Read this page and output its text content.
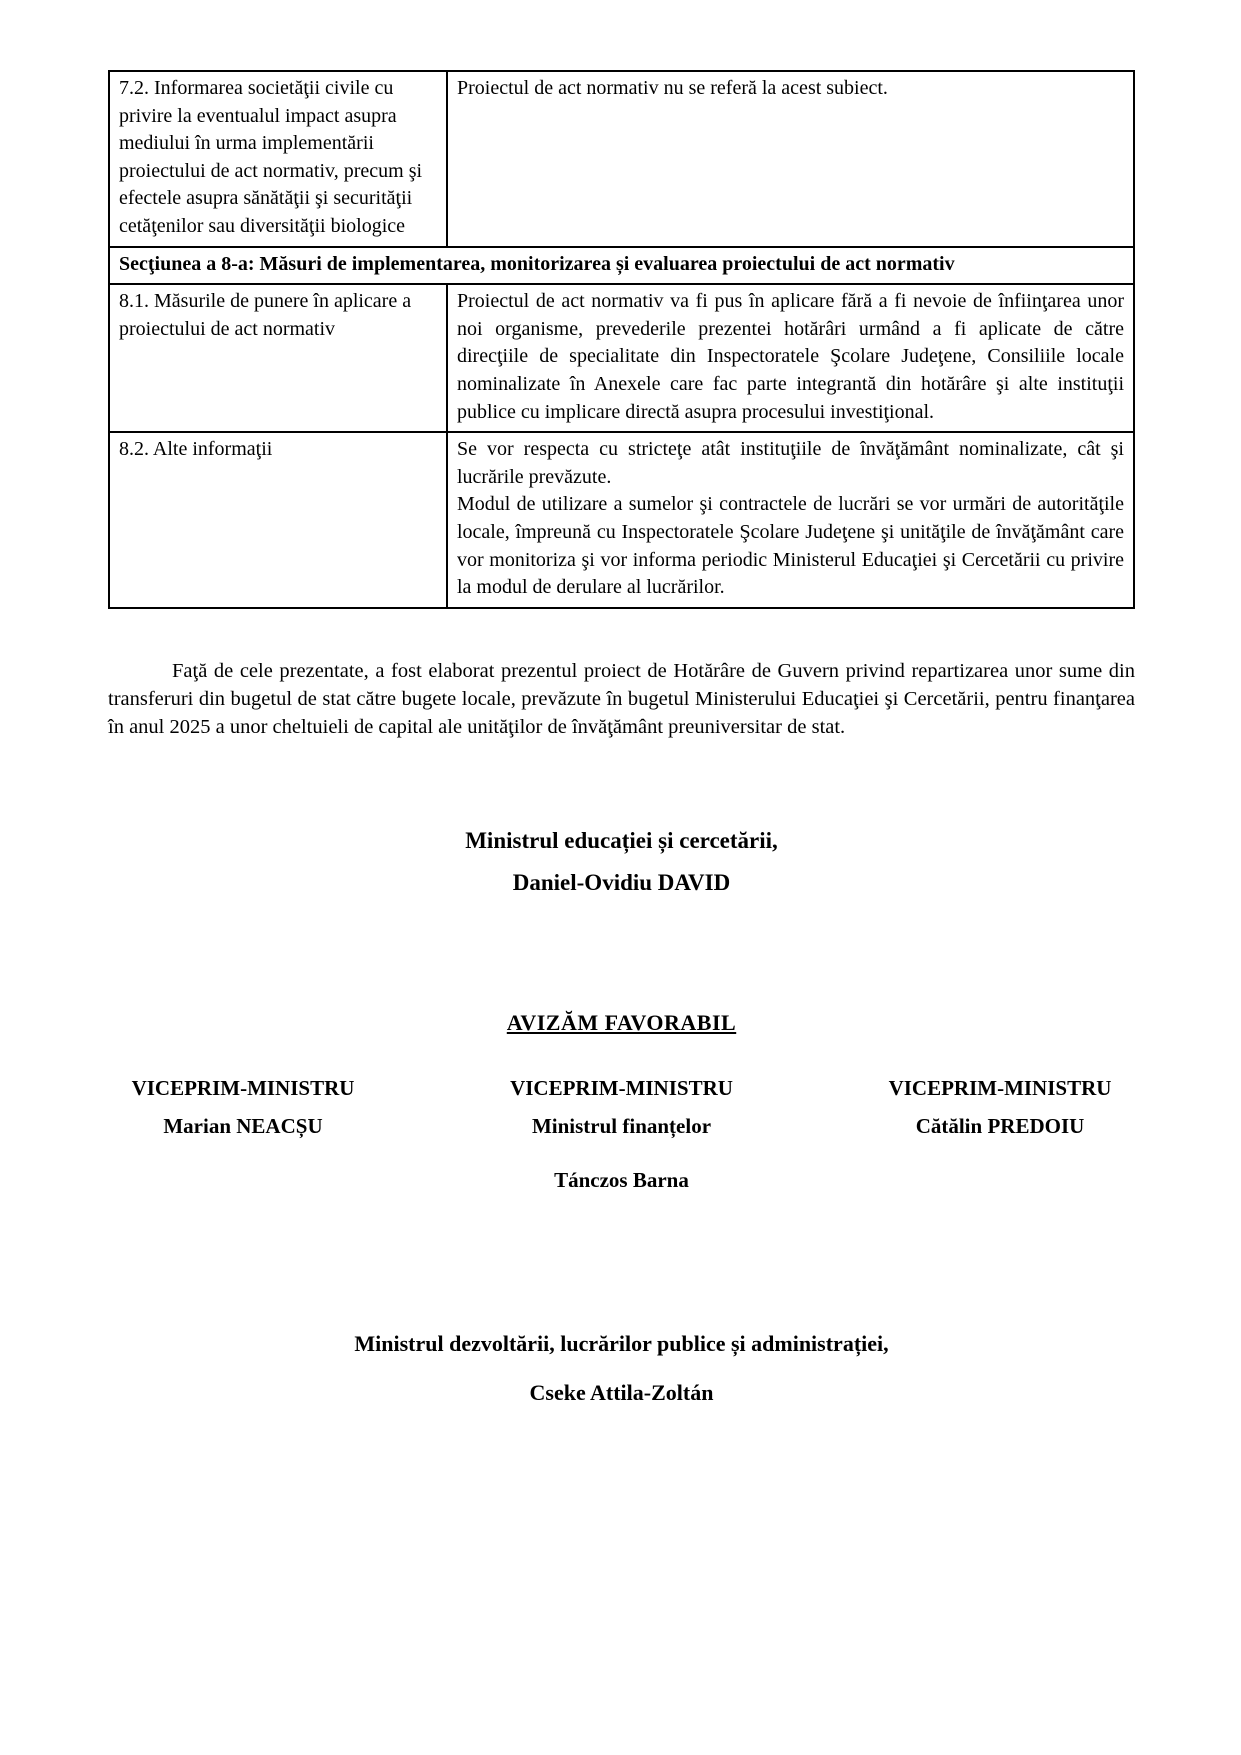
7.2. Informarea societăţii civile cu privire la eventualul impact asupra mediului în urma implementării proiectului de act normativ, precum şi efectele asupra sănătăţii şi securităţii cetăţenilor sau diversităţii biologice	Proiectul de act normativ nu se referă la acest subiect.
Secţiunea a 8-a: Măsuri de implementarea, monitorizarea și evaluarea proiectului de act normativ	
8.1. Măsurile de punere în aplicare a proiectului de act normativ	Proiectul de act normativ va fi pus în aplicare fără a fi nevoie de înfiinţarea unor noi organisme, prevederile prezentei hotărâri urmând a fi aplicate de către direcţiile de specialitate din Inspectoratele Şcolare Judeţene, Consiliile locale nominalizate în Anexele care fac parte integrantă din hotărâre şi alte instituţii publice cu implicare directă asupra procesului investiţional.
8.2. Alte informaţii	Se vor respecta cu stricteţe atât instituţiile de învăţământ nominalizate, cât şi lucrările prevăzute.

Modul de utilizare a sumelor şi contractele de lucrări se vor urmări de autorităţile locale, împreună cu Inspectoratele Şcolare Judeţene şi unităţile de învăţământ care vor monitoriza şi vor informa periodic Ministerul Educaţiei şi Cercetării cu privire la modul de derulare al lucrărilor.

Faţă de cele prezentate, a fost elaborat prezentul proiect de Hotărâre de Guvern privind repartizarea unor sume din transferuri din bugetul de stat către bugete locale, prevăzute în bugetul Ministerului Educaţiei şi Cercetării, pentru finanţarea în anul 2025 a unor cheltuieli de capital ale unităţilor de învăţământ preuniversitar de stat.

Ministrul educației și cercetării,
Daniel-Ovidiu DAVID
AVIZĂM FAVORABIL
VICEPRIM-MINISTRU
Marian NEACȘU
VICEPRIM-MINISTRU
Ministrul finanțelor
Tánczos Barna
VICEPRIM-MINISTRU
Cătălin PREDOIU
Ministrul dezvoltării, lucrărilor publice și administrației,
Cseke Attila-Zoltán
